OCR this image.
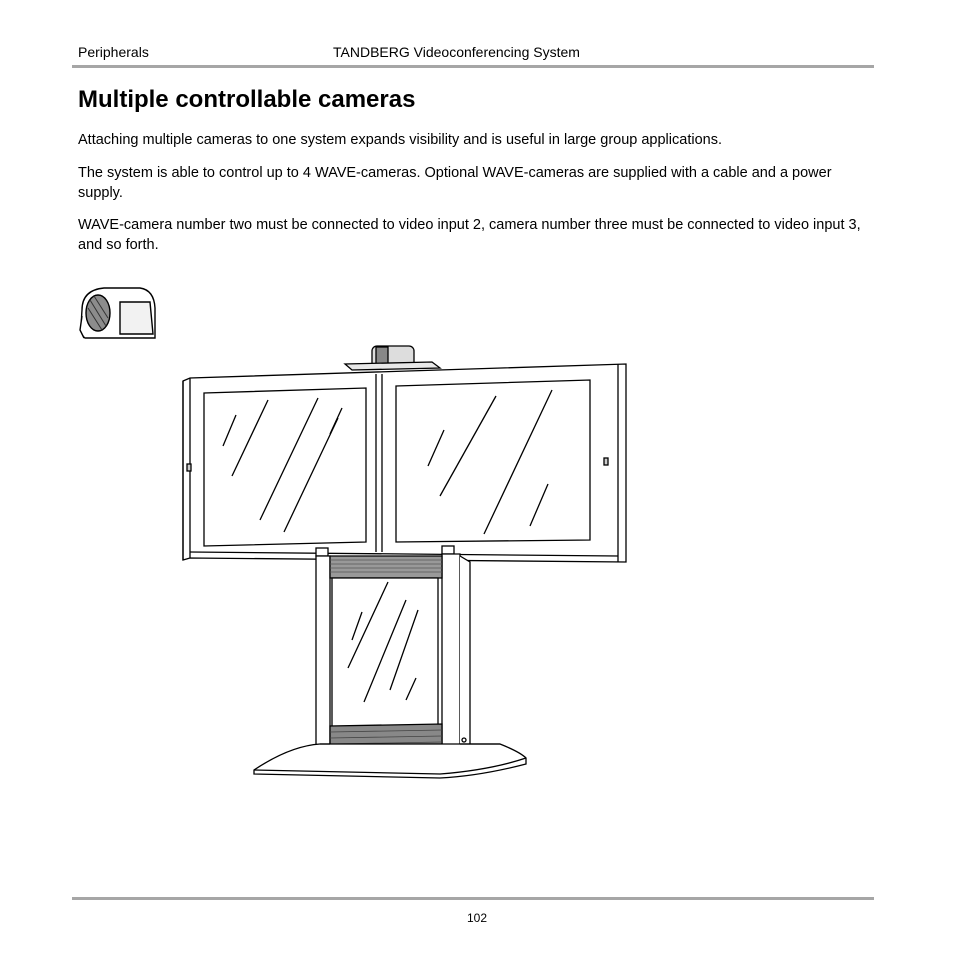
Peripherals	TANDBERG Videoconferencing System
Multiple controllable cameras

Attaching multiple cameras to one system expands visibility and is useful in large group applications.

The system is able to control up to 4 WAVE-cameras. Optional WAVE-cameras are supplied with a cable and a power supply.

WAVE-camera number two must be connected to video input 2, camera number three must be connected to video input 3, and so forth.

102
